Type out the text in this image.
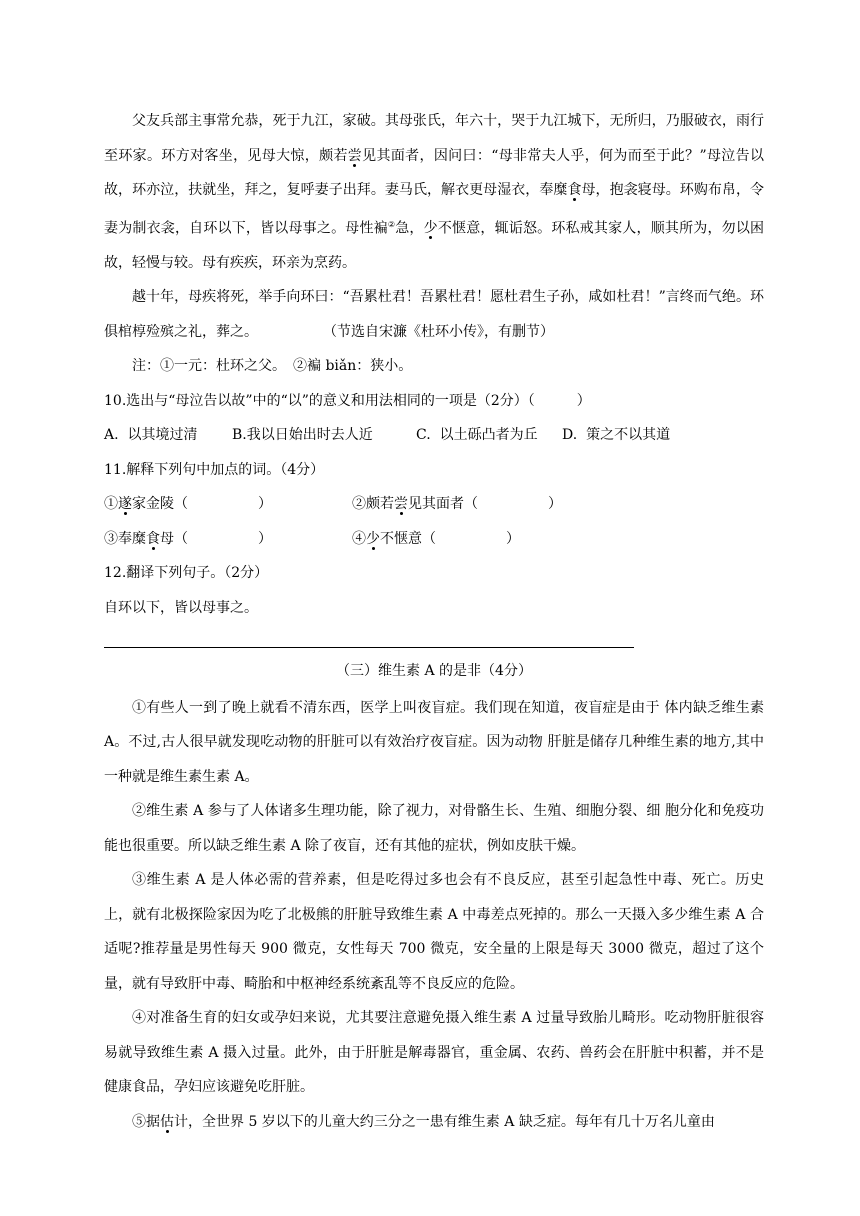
父友兵部主事常允恭，死于九江，家破。其母张氏，年六十，哭于九江城下，无所归，乃服破衣，雨行至环家。环方对客坐，见母大惊，颇若尝见其面者，因问曰：“母非常夫人乎，何为而至于此？”母泣告以故，环亦泣，扶就坐，拜之，复呼妻子出拜。妻马氏，解衣更母湿衣，奉糜食母，抱衾寝母。环购布帛，令妻为制衣衾，自环以下，皆以母事之。母性褊②急，少不惬意，辄诟怒。环私戒其家人，顺其所为，勿以困故，轻慢与较。母有疾疾，环亲为烹药。

越十年，母疾将死，举手向环曰：“吾累杜君！吾累杜君！愿杜君生子孙，咸如杜君！”言终而气绝。环俱棺椁殓殡之礼，葬之。	（节选自宋濂《杜环小传》，有删节）

注：①一元：杜环之父。　②褊 biǎn：狭小。

10.选出与“母泣告以故”中的“以”的意义和用法相同的一项是（2分）（　　　）

A.  以其境过清	B.我以日始出时去人近	C.  以土砾凸者为丘	D.  策之不以其道

11.解释下列句中加点的词。（4分）

①遂家金陵（　　　　　）	②颇若尝见其面者（　　　　　）
③奉糜食母（　　　　　）	④少不惬意（　　　　　）

12.翻译下列句子。（2分）

自环以下，皆以母事之。

（三）维生素 A 的是非（4分）

①有些人一到了晚上就看不清东西，医学上叫夜盲症。我们现在知道，夜盲症是由于 体内缺乏维生素 A。不过,古人很早就发现吃动物的肝脏可以有效治疗夜盲症。因为动物 肝脏是储存几种维生素的地方,其中一种就是维生素生素 A。

②维生素 A 参与了人体诸多生理功能，除了视力，对骨骼生长、生殖、细胞分裂、细 胞分化和免疫功能也很重要。所以缺乏维生素 A 除了夜盲，还有其他的症状，例如皮肤干燥。

③维生素 A 是人体必需的营养素，但是吃得过多也会有不良反应，甚至引起急性中毒、死亡。历史上，就有北极探险家因为吃了北极熊的肝脏导致维生素 A 中毒差点死掉的。那么一天摄入多少维生素 A 合适呢?推荐量是男性每天 900 微克，女性每天 700 微克，安全量的上限是每天 3000 微克，超过了这个量，就有导致肝中毒、畸胎和中枢神经系统紊乱等不良反应的危险。

④对准备生育的妇女或孕妇来说，尤其要注意避免摄入维生素 A 过量导致胎儿畸形。吃动物肝脏很容易就导致维生素 A 摄入过量。此外，由于肝脏是解毒器官，重金属、农药、兽药会在肝脏中积蓄，并不是健康食品，孕妇应该避免吃肝脏。

⑤据估计，全世界 5 岁以下的儿童大约三分之一患有维生素 A 缺乏症。每年有几十万名儿童由
